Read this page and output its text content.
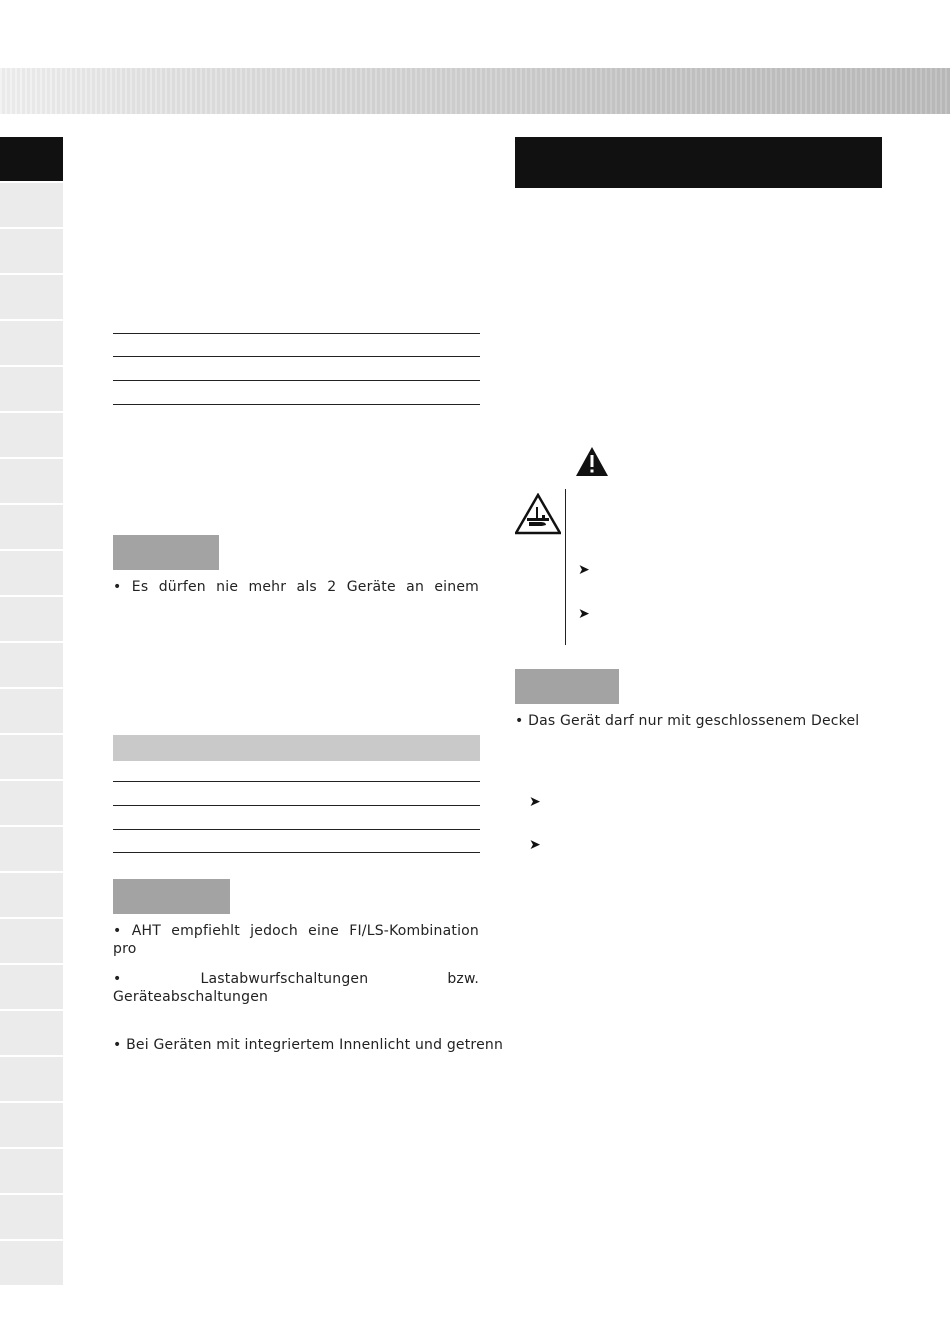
• Es dürfen nie mehr als 2 Geräte an einem
• AHT empfiehlt jedoch eine FI/LS-Kombination pro
• Lastabwurfschaltungen bzw. Geräteabschaltungen
• Bei Geräten mit integriertem Innenlicht und getrenn
➤
➤
• Das Gerät darf nur mit geschlossenem Deckel
➤
➤
